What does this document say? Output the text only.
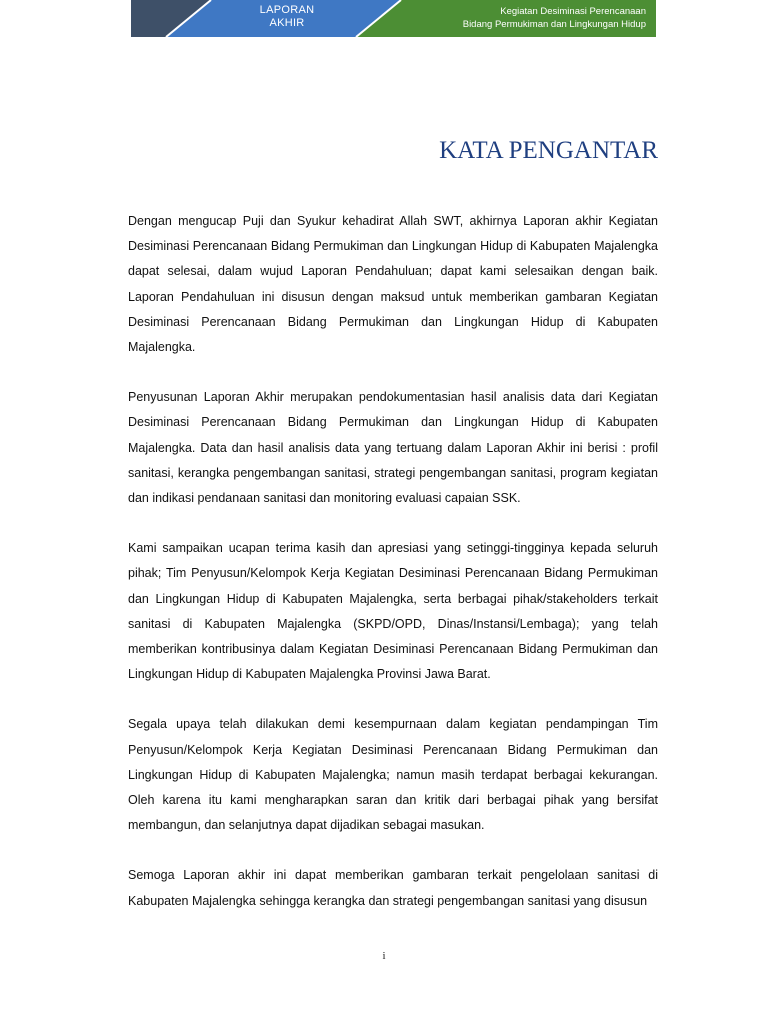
LAPORAN AKHIR
Kegiatan Desiminasi Perencanaan
Bidang Permukiman dan Lingkungan Hidup
KATA PENGANTAR

Dengan mengucap Puji dan Syukur kehadirat Allah SWT, akhirnya Laporan akhir Kegiatan Desiminasi Perencanaan Bidang Permukiman dan Lingkungan Hidup di Kabupaten Majalengka dapat selesai, dalam wujud Laporan Pendahuluan; dapat kami selesaikan dengan baik. Laporan Pendahuluan ini disusun dengan maksud untuk memberikan gambaran Kegiatan Desiminasi Perencanaan Bidang Permukiman dan Lingkungan Hidup di Kabupaten Majalengka.

Penyusunan Laporan Akhir merupakan pendokumentasian hasil analisis data dari Kegiatan Desiminasi Perencanaan Bidang Permukiman dan Lingkungan Hidup di Kabupaten Majalengka. Data dan hasil analisis data yang tertuang dalam Laporan Akhir ini berisi : profil sanitasi, kerangka pengembangan sanitasi, strategi pengembangan sanitasi, program kegiatan dan indikasi pendanaan sanitasi dan monitoring evaluasi capaian SSK.

Kami sampaikan ucapan terima kasih dan apresiasi yang setinggi-tingginya kepada seluruh pihak; Tim Penyusun/Kelompok Kerja Kegiatan Desiminasi Perencanaan Bidang Permukiman dan Lingkungan Hidup di Kabupaten Majalengka, serta berbagai pihak/stakeholders terkait sanitasi di Kabupaten Majalengka (SKPD/OPD, Dinas/Instansi/Lembaga); yang telah memberikan kontribusinya dalam Kegiatan Desiminasi Perencanaan Bidang Permukiman dan Lingkungan Hidup di Kabupaten Majalengka Provinsi Jawa Barat.

Segala upaya telah dilakukan demi kesempurnaan dalam kegiatan pendampingan Tim Penyusun/Kelompok Kerja Kegiatan Desiminasi Perencanaan Bidang Permukiman dan Lingkungan Hidup di Kabupaten Majalengka; namun masih terdapat berbagai kekurangan. Oleh karena itu kami mengharapkan saran dan kritik dari berbagai pihak yang bersifat membangun, dan selanjutnya dapat dijadikan sebagai masukan.

Semoga Laporan akhir ini dapat memberikan gambaran terkait pengelolaan sanitasi di Kabupaten Majalengka sehingga kerangka dan strategi pengembangan sanitasi yang disusun

i
